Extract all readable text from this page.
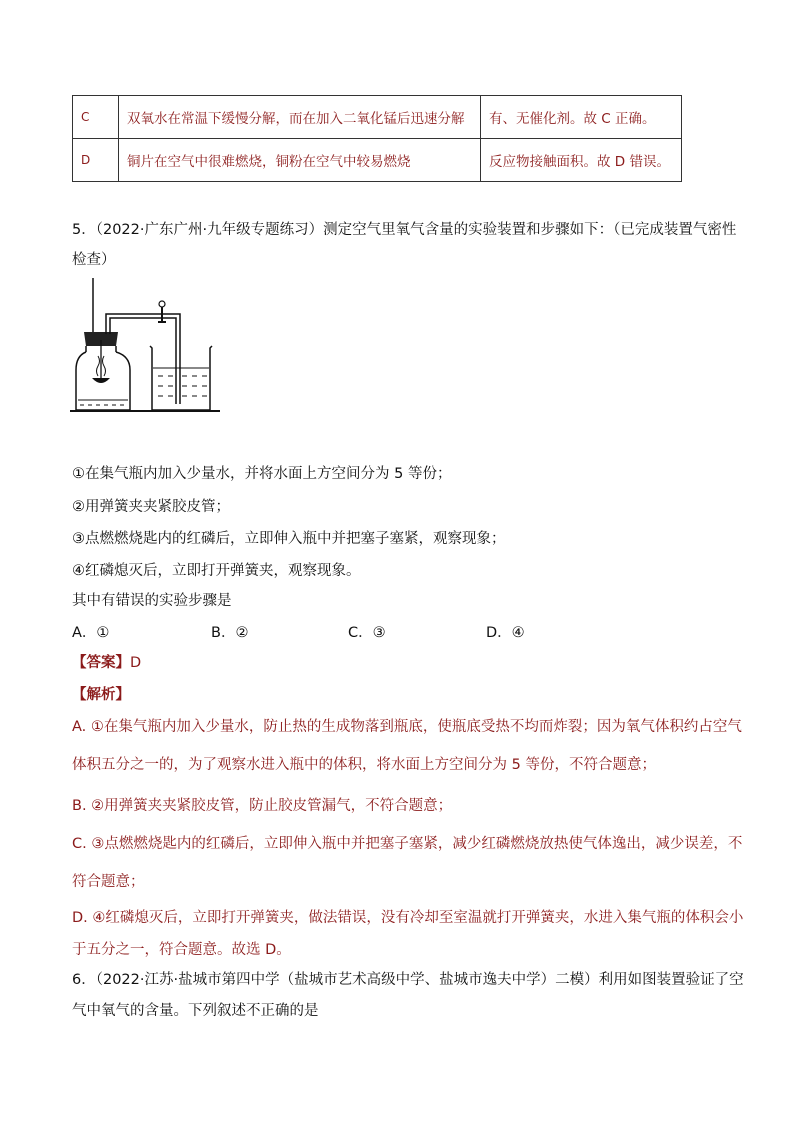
C	双氧水在常温下缓慢分解，而在加入二氧化锰后迅速分解	有、无催化剂。故 C 正确。
D	铜片在空气中很难燃烧，铜粉在空气中较易燃烧	反应物接触面积。故 D 错误。
5．（2022·广东广州·九年级专题练习）测定空气里氧气含量的实验装置和步骤如下：（已完成装置气密性
检查）
①在集气瓶内加入少量水，并将水面上方空间分为 5 等份；
②用弹簧夹夹紧胶皮管；
③点燃燃烧匙内的红磷后，立即伸入瓶中并把塞子塞紧，观察现象；
④红磷熄灭后，立即打开弹簧夹，观察现象。
其中有错误的实验步骤是
A．①	B．②	C．③	D．④
【答案】D
【解析】
A. ①在集气瓶内加入少量水，防止热的生成物落到瓶底，使瓶底受热不均而炸裂；因为氧气体积约占空气
体积五分之一的，为了观察水进入瓶中的体积，将水面上方空间分为 5 等份，不符合题意；
B. ②用弹簧夹夹紧胶皮管，防止胶皮管漏气，不符合题意；
C. ③点燃燃烧匙内的红磷后，立即伸入瓶中并把塞子塞紧，减少红磷燃烧放热使气体逸出，减少误差，不
符合题意；
D. ④红磷熄灭后，立即打开弹簧夹，做法错误，没有冷却至室温就打开弹簧夹，水进入集气瓶的体积会小
于五分之一，符合题意。故选 D。
6．（2022·江苏·盐城市第四中学（盐城市艺术高级中学、盐城市逸夫中学）二模）利用如图装置验证了空
气中氧气的含量。下列叙述不正确的是
